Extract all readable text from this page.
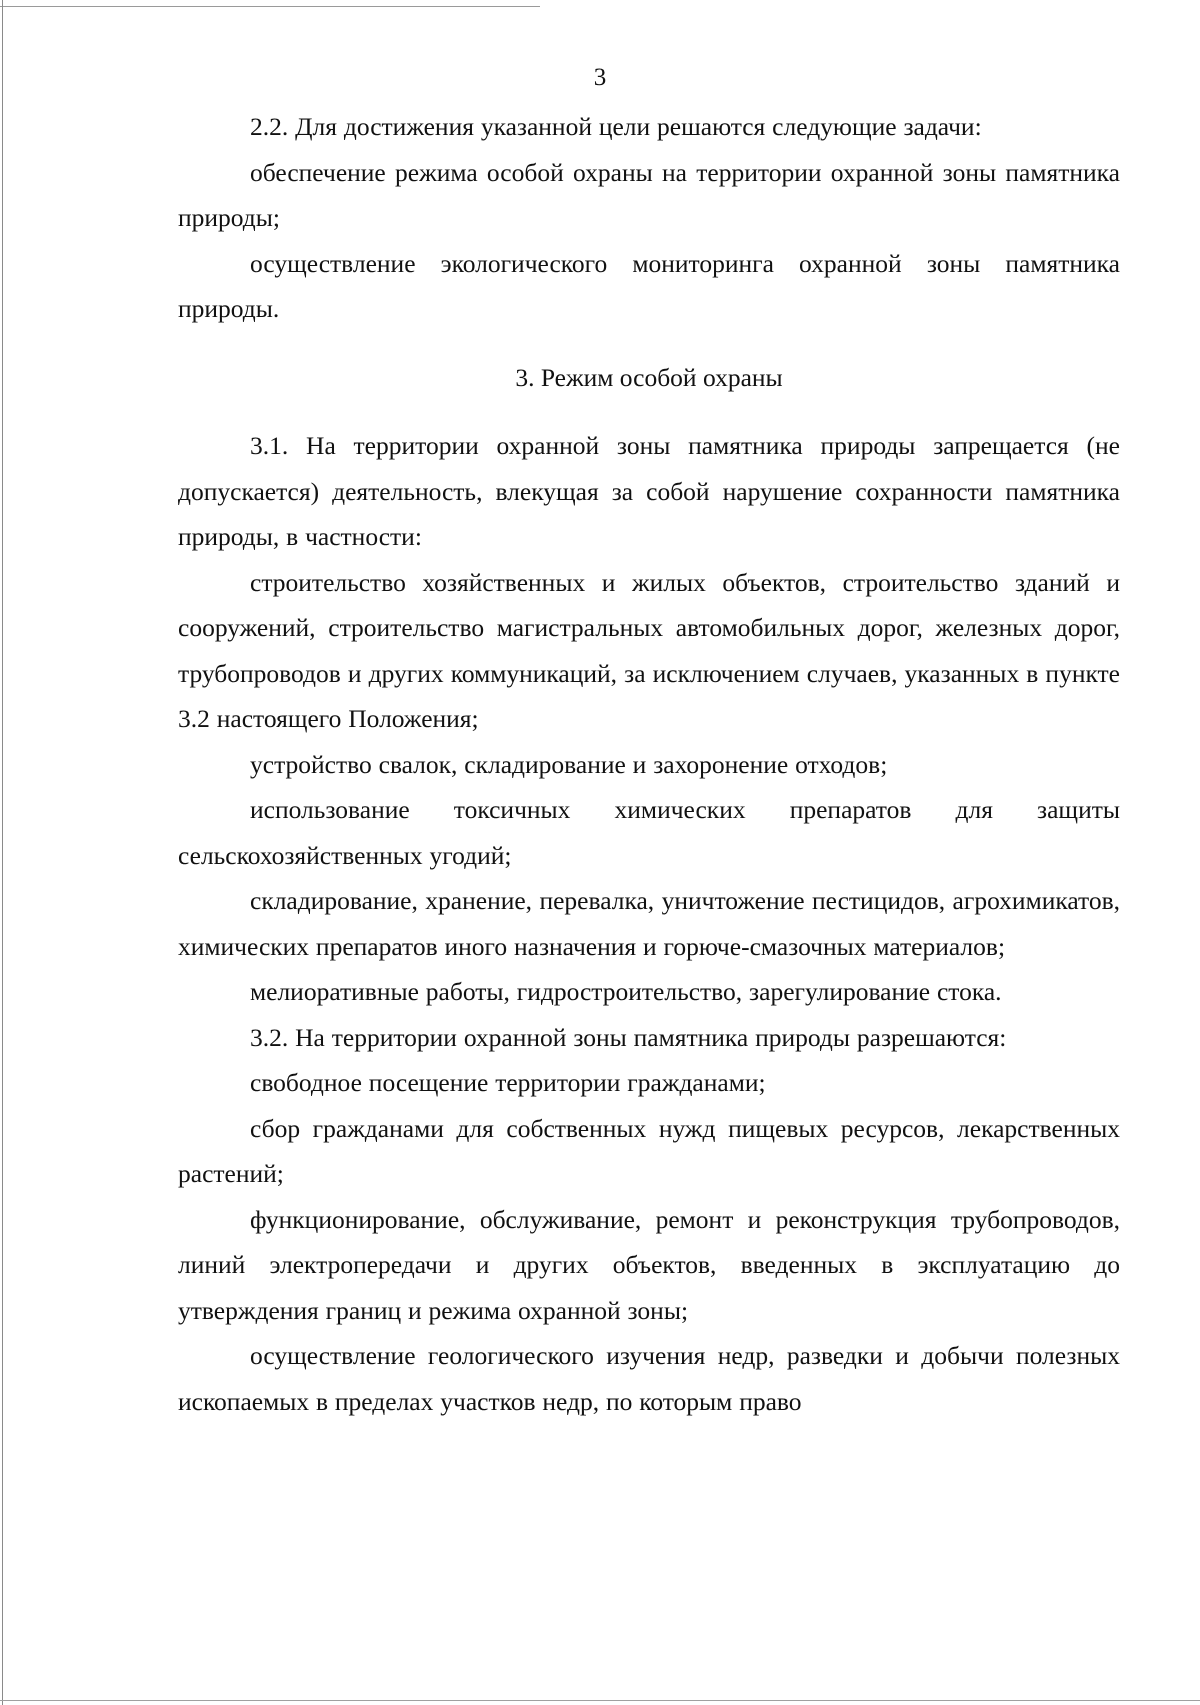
3

2.2. Для достижения указанной цели решаются следующие задачи:

обеспечение режима особой охраны на территории охранной зоны памятника природы;

осуществление экологического мониторинга охранной зоны памятника природы.

3. Режим особой охраны

3.1. На территории охранной зоны памятника природы запрещается (не допускается) деятельность, влекущая за собой нарушение сохранности памятника природы, в частности:

строительство хозяйственных и жилых объектов, строительство зданий и сооружений, строительство магистральных автомобильных дорог, железных дорог, трубопроводов и других коммуникаций, за исключением случаев, указанных в пункте 3.2 настоящего Положения;

устройство свалок, складирование и захоронение отходов;

использование токсичных химических препаратов для защиты сельскохозяйственных угодий;

складирование, хранение, перевалка, уничтожение пестицидов, агрохимикатов, химических препаратов иного назначения и горюче-смазочных материалов;

мелиоративные работы, гидростроительство, зарегулирование стока.

3.2. На территории охранной зоны памятника природы разрешаются:

свободное посещение территории гражданами;

сбор гражданами для собственных нужд пищевых ресурсов, лекарственных растений;

функционирование, обслуживание, ремонт и реконструкция трубопроводов, линий электропередачи и других объектов, введенных в эксплуатацию до утверждения границ и режима охранной зоны;

осуществление геологического изучения недр, разведки и добычи полезных ископаемых в пределах участков недр, по которым право
